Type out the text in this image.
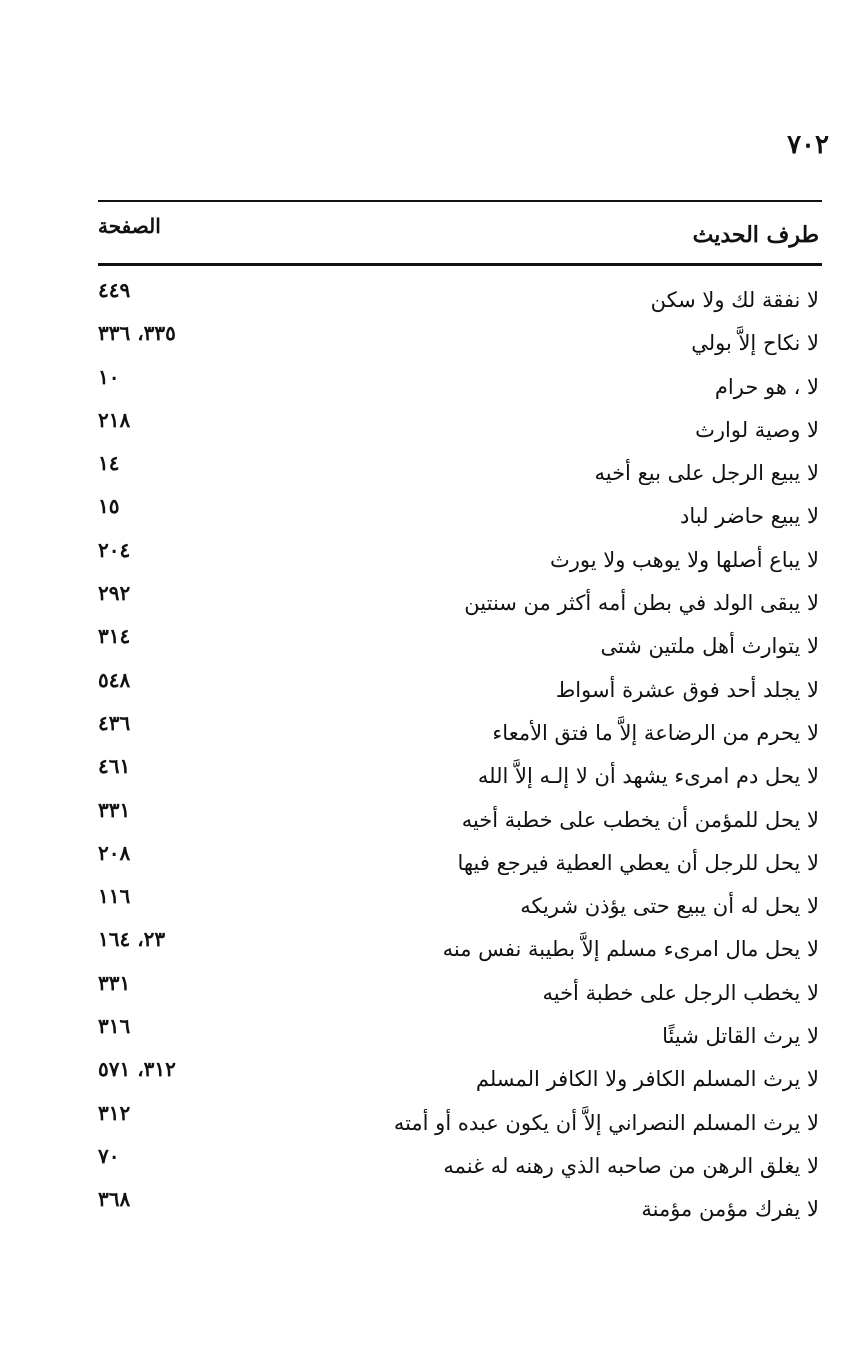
٧٠٢
طرف الحديث
الصفحة
لا نفقة لك ولا سكن
٤٤٩
لا نكاح إلاَّ بولي
٣٣٥، ٣٣٦
لا ، هو حرام
١٠
لا وصية لوارث
٢١٨
لا يبيع الرجل على بيع أخيه
١٤
لا يبيع حاضر لباد
١٥
لا يباع أصلها ولا يوهب ولا يورث
٢٠٤
لا يبقى الولد في بطن أمه أكثر من سنتين
٢٩٢
لا يتوارث أهل ملتين شتى
٣١٤
لا يجلد أحد فوق عشرة أسواط
٥٤٨
لا يحرم من الرضاعة إلاَّ ما فتق الأمعاء
٤٣٦
لا يحل دم امرىء يشهد أن لا إلـه إلاَّ الله
٤٦١
لا يحل للمؤمن أن يخطب على خطبة أخيه
٣٣١
لا يحل للرجل أن يعطي العطية فيرجع فيها
٢٠٨
لا يحل له أن يبيع حتى يؤذن شريكه
١١٦
لا يحل مال امرىء مسلم إلاَّ بطيبة نفس منه
٢٣، ١٦٤
لا يخطب الرجل على خطبة أخيه
٣٣١
لا يرث القاتل شيئًا
٣١٦
لا يرث المسلم الكافر ولا الكافر المسلم
٣١٢، ٥٧١
لا يرث المسلم النصراني إلاَّ أن يكون عبده أو أمته
٣١٢
لا يغلق الرهن من صاحبه الذي رهنه له غنمه
٧٠
لا يفرك مؤمن مؤمنة
٣٦٨
